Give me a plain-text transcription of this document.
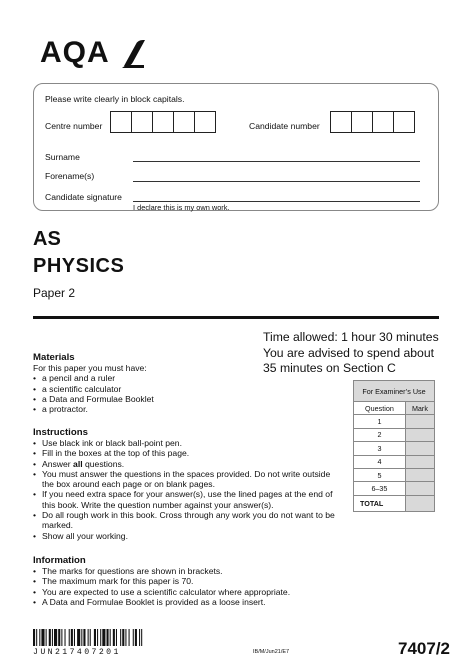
AQA
Please write clearly in block capitals.
Centre number	Candidate number
Surname
Forename(s)
Candidate signature
I declare this is my own work.
AS
PHYSICS
Paper 2
Time allowed: 1 hour 30 minutes
You are advised to spend about
35 minutes on Section C
Materials
For this paper you must have:
• a pencil and a ruler
• a scientific calculator
• a Data and Formulae Booklet
• a protractor.
Instructions
• Use black ink or black ball-point pen.
• Fill in the boxes at the top of this page.
• Answer all questions.
• You must answer the questions in the spaces provided. Do not write outside the box around each page or on blank pages.
• If you need extra space for your answer(s), use the lined pages at the end of this book. Write the question number against your answer(s).
• Do all rough work in this book. Cross through any work you do not want to be marked.
• Show all your working.
Information
• The marks for questions are shown in brackets.
• The maximum mark for this paper is 70.
• You are expected to use a scientific calculator where appropriate.
• A Data and Formulae Booklet is provided as a loose insert.
For Examiner’s Use	
Question	Mark
1	
2	
3	
4	
5	
6–35	
TOTAL	
JUN217407201	IB/M/Jun21/E7	7407/2
